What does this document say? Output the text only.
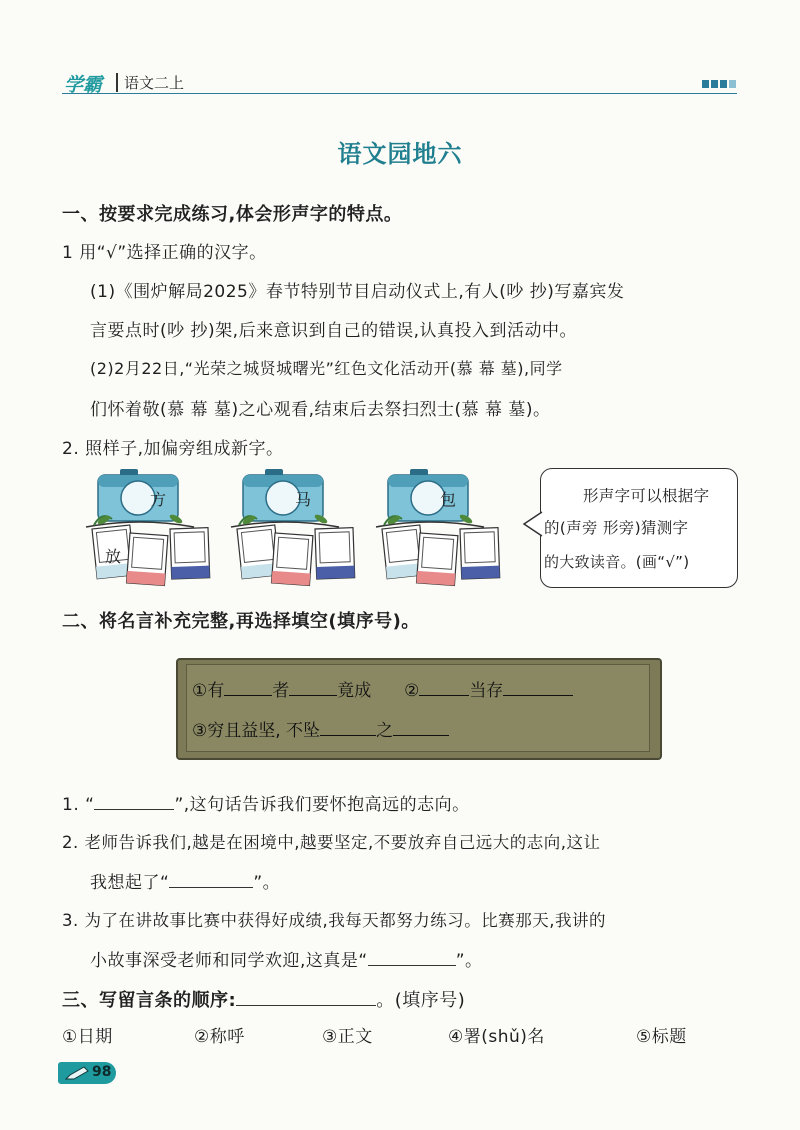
学霸 语文二上
语文园地六
一、按要求完成练习,体会形声字的特点。
1 用“√”选择正确的汉字。
(1)《围炉解局2025》春节特别节目启动仪式上,有人(吵 抄)写嘉宾发
言要点时(吵 抄)架,后来意识到自己的错误,认真投入到活动中。
(2)2月22日,“光荣之城贤城曙光”红色文化活动开(慕 幕 墓),同学
们怀着敬(慕 幕 墓)之心观看,结束后去祭扫烈士(慕 幕 墓)。
2. 照样子,加偏旁组成新字。
方	马	包
放
形声字可以根据字
的(声旁 形旁)猜测字
的大致读音。(画“√”)
二、将名言补充完整,再选择填空(填序号)。
①有	者	竟成 ②	当存
③穷且益坚, 不坠	之
1. “	”,这句话告诉我们要怀抱高远的志向。
2. 老师告诉我们,越是在困境中,越要坚定,不要放弃自己远大的志向,这让
我想起了“	”。
3. 为了在讲故事比赛中获得好成绩,我每天都努力练习。比赛那天,我讲的
小故事深受老师和同学欢迎,这真是“	”。
三、写留言条的顺序:	。(填序号)
①日期	②称呼	③正文	④署(shǔ)名	⑤标题
98
